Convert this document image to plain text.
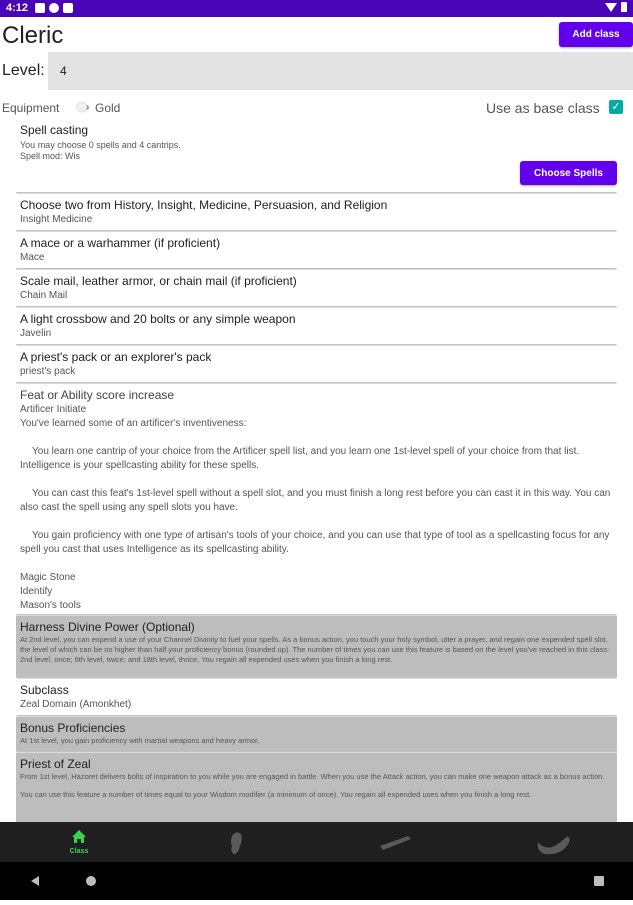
4:12
Cleric	Add class
Level:	4
Equipment	Gold	Use as base class ✓
Spell casting
You may choose 0 spells and 4 cantrips.
Spell mod: Wis
Choose Spells
Choose two from History, Insight, Medicine, Persuasion, and Religion
Insight Medicine
A mace or a warhammer (if proficient)
Mace
Scale mail, leather armor, or chain mail (if proficient)
Chain Mail
A light crossbow and 20 bolts or any simple weapon
Javelin
A priest's pack or an explorer's pack
priest's pack
Feat or Ability score increase
Artificer Initiate
You've learned some of an artificer's inventiveness:
You learn one cantrip of your choice from the Artificer spell list, and you learn one 1st-level spell of your choice from that list. Intelligence is your spellcasting ability for these spells.
You can cast this feat's 1st-level spell without a spell slot, and you must finish a long rest before you can cast it in this way. You can also cast the spell using any spell slots you have.
You gain proficiency with one type of artisan's tools of your choice, and you can use that type of tool as a spellcasting focus for any spell you cast that uses Intelligence as its spellcasting ability.
Magic Stone
Identify
Mason's tools
Harness Divine Power (Optional)
At 2nd level, you can expend a use of your Channel Divinity to fuel your spells. As a bonus action, you touch your holy symbol, utter a prayer, and regain one expended spell slot, the level of which can be no higher than half your proficiency bonus (rounded up). The number of times you can use this feature is based on the level you've reached in this class: 2nd level, once; 6th level, twice; and 18th level, thrice. You regain all expended uses when you finish a long rest.
Subclass
Zeal Domain (Amonkhet)
Bonus Proficiencies
At 1st level, you gain proficiency with martial weapons and heavy armor.
Priest of Zeal
From 1st level, Hazoret delivers bolts of inspiration to you while you are engaged in battle. When you use the Attack action, you can make one weapon attack as a bonus action.
You can use this feature a number of times equal to your Wisdom modifier (a minimum of once). You regain all expended uses when you finish a long rest.
Class
